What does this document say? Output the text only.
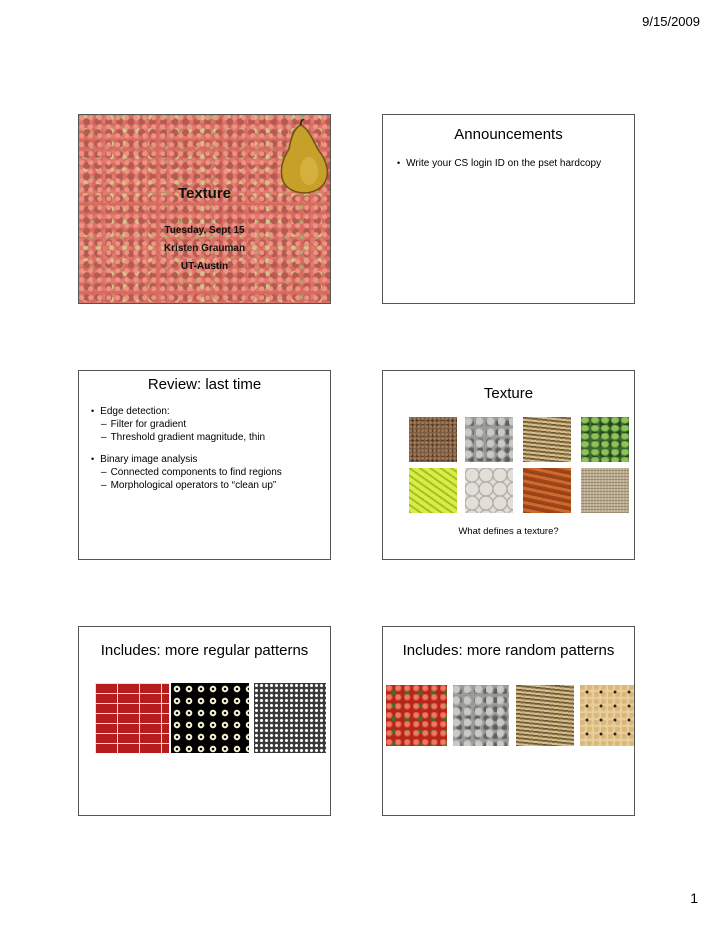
9/15/2009
Texture
Tuesday, Sept 15
Kristen Grauman
UT-Austin
Announcements
• Write your CS login ID on the pset hardcopy
Review: last time
• Edge detection:
– Filter for gradient
– Threshold gradient magnitude, thin
• Binary image analysis
– Connected components to find regions
– Morphological operators to “clean up”
Texture
What defines a texture?
Includes: more regular patterns	Includes: more random patterns
1
